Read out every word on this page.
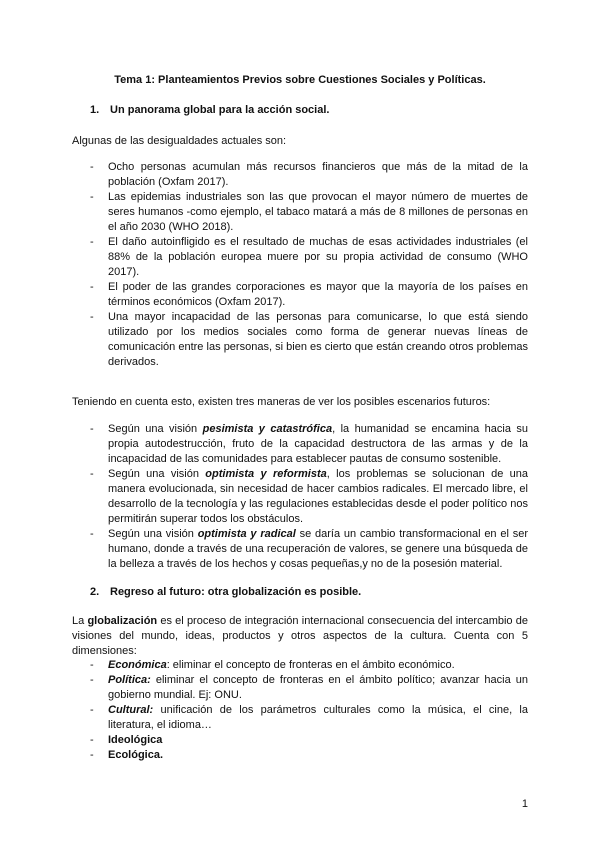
Tema 1: Planteamientos Previos sobre Cuestiones Sociales y Políticas.
1. Un panorama global para la acción social.
Algunas de las desigualdades actuales son:
- Ocho personas acumulan más recursos financieros que más de la mitad de la población (Oxfam 2017).
- Las epidemias industriales son las que provocan el mayor número de muertes de seres humanos -como ejemplo, el tabaco matará a más de 8 millones de personas en el año 2030 (WHO 2018).
- El daño autoinfligido es el resultado de muchas de esas actividades industriales (el 88% de la población europea muere por su propia actividad de consumo (WHO 2017).
- El poder de las grandes corporaciones es mayor que la mayoría de los países en términos económicos (Oxfam 2017).
- Una mayor incapacidad de las personas para comunicarse, lo que está siendo utilizado por los medios sociales como forma de generar nuevas líneas de comunicación entre las personas, si bien es cierto que están creando otros problemas derivados.
Teniendo en cuenta esto, existen tres maneras de ver los posibles escenarios futuros:
- Según una visión pesimista y catastrófica, la humanidad se encamina hacia su propia autodestrucción, fruto de la capacidad destructora de las armas y de la incapacidad de las comunidades para establecer pautas de consumo sostenible.
- Según una visión optimista y reformista, los problemas se solucionan de una manera evolucionada, sin necesidad de hacer cambios radicales. El mercado libre, el desarrollo de la tecnología y las regulaciones establecidas desde el poder político nos permitirán superar todos los obstáculos.
- Según una visión optimista y radical se daría un cambio transformacional en el ser humano, donde a través de una recuperación de valores, se genere una búsqueda de la belleza a través de los hechos y cosas pequeñas,y no de la posesión material.
2. Regreso al futuro: otra globalización es posible.
La globalización es el proceso de integración internacional consecuencia del intercambio de visiones del mundo, ideas, productos y otros aspectos de la cultura. Cuenta con 5 dimensiones:
- Económica: eliminar el concepto de fronteras en el ámbito económico.
- Política: eliminar el concepto de fronteras en el ámbito político; avanzar hacia un gobierno mundial. Ej: ONU.
- Cultural: unificación de los parámetros culturales como la música, el cine, la literatura, el idioma…
- Ideológica
- Ecológica.
1
